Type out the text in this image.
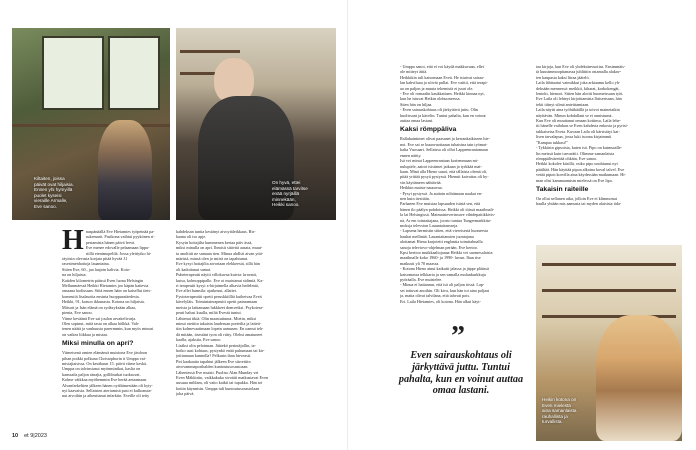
Kiltaiten, joissa
päivät ovat hiljaisia.
Ennen yhi hymyillä
puolet kyseisi
vieraille Armalle,
Eve sanoo.
On hyvä, ettei
elämässä tarvitse
enää nyrjäillä
minnekään,
Heikki sanoo.
H naspänäällä Eve Hietamies työpeinää pa-
sukemarit. Pasikona vaihtui pyykönen ri-
pestamista hänen päivä lervä.
Eve menee edovalle pelaamaan lippu-
riillä etenimopelilä. Jossa yleittyiko hi-
räyitsin olevasta korjata pitää hyvää J.l
rasesimenhoitoja lauantaina.
Siiten Eve, 60., jaa laajoin kalivia. Koto-
na on hiljaista.
Kaiiden kilometrin päässä Even luona Helsingin
Mellunmäessä Heikki Hietamies joo käpän kaitevia
omaana kodissaan. Siitä ennen häin on kaisellut tiets-
komeutiä lisalasoita ensinta huoppuratäedesta.
Heikki, 91, katsoo ikkunasta. Kotona on hiljaista.
Mitsuri ja Isän elämä on sydäxyksään alkaa,
pienta, Eve sanoo.
Viime keväänä Eve sai joulon arvattelivarja.
Olen sopinut, mitä tasta on alkaa hölkkä. Vah-
tenen näätä ja vanhuusta parermmin, kun myös minusi
on vaikea liikkua ja mistaa.
Miksi minulla on aprí?
Viimeisenä omien elämänsä muistona Eve jäsdoon
pihan poikki polkuna Christophorin ti Umppa vai-
mistajiaisissa. On kesäkuun 15. päivä viime keskä.
Umppa on talvinsiasut myönminikat, kaslia on
kanssatla paljon ränajia, grilliburkat tuoksuvat.
Kolme vätkkaa myöhemmin Eve herää aetaamaan.
Alvanfarkeltien jälkeen hänen oyäliämestään oli kyty-
nyt kaavaisia. Sellaisten ateriamisä pusi ei kulkonuta-
nut aivoihin ja aiheuttanut infarktin. Eveille oli teity
kahdeksan tuntia kestänyt aivoyiäleikkaus. Ris-
kaana oli iso apje.
Kysyin hoitajilta kummenen kertaa päiv ässä,
miksi minulla on aprí. Ihmisit sitävitä aasata, muut-
ta anoliitti ne samaan tien. Minua ahdlsti aivan yttä-
märistä, miusä olen jo miisä on tapahtunut.
Eve kysyi hoitajilta aivoriaan elekkeestä, sillä hän
oli kadottanut samat.
Puheterapeutti näytti villokuvaa kuivia: kravatti,
kutsa, kolmoppipallo. Eve oi muistanut sidimiä. Ka-
ri terapeutti kysyi x-kirjaimella alkavia hedelmiä,
Eve allei hamsila: ajatkeuut, allattei.
Fysioterapeutiti opetti peruskkiilliä kuihetvaa Eveä
kävelyläis. Toimintaterapeutti opetti painramaan
meista ja laittamaan lukkkeet domveiksi. Psykotera-
peuti halusi kuulla, miltä Evestä tuntui.
Lähtenut itkiä. Olin maastuttunut. Mietin, miksi
minut otettiin takaisin lauderuan porteilta ja laiteti-
tiin kolmevaatimaan lopetn aamusen. En oamut teh-
dä mitään, itsestäni tyon oli riitty. Olehst amatuneet
kaalla, ajaksiia, Eve sanoo.
Lisäksi olin peloinnan. Jäätekö perintäjollin, ta-
hoiko uusi kohtaus, pystynkö enää puhumaan tai kir-
joittamaan kunnolla? Pelkasin ihan hirveasti.
Piri kaakaatia tapahtui jälkeen Eve siirrettiin
aivovammaporihalden kuntoutusosastoaan.
Lähentessä Eve muisti. Puoliso Alan Munday vei
Even Mäkkiriin, vaikkakuka sivotäii matkustavat Even
uusuua mihlam, oli vaito kaikti tai tupakka. Hän toi
kotiin käynnisin. Umppa tuli kuntoutusosastolaan
joka päivä.
10 et 9|2023
- Umppa sanoi, että ei voi käydä makkuvaan, ellei
ole mitteyt äitiä.
Heikkikin tuli katsomaan Eveä. He istuivat sairaa-
lan kahviluua ja söivät pullat. Eve vaiitii, että terapi-
aa on paljon ja muuta tekemistä ei juuri ole.
- Eve oli romaalin kaukkattaen. Heikki kinnaa nyt,
kun he istuvat Heikin olohuoneessa.
Siten hän on hiljaa.
- Even sairaaskohtaus oli järkyttävä juttu. Olin
huolissani ja kävelin. Tuntui pahalta, kun en voinut
auttaa omaa lastani.
Kaksi römppäliva
Rallabaintimet olivat paasanet ja kerrankaikiseen hie-
not. Eve sai se kuunvuottaaan tuhaisina tain työmat-
kalta Vuosaari. Sellaissa oli ollut Lappeenrantamaan
ennen näitty.
Isä vei minut Lappeenrantaan koriemmaan mi-
nulupiele, aatrot isistimet jaikaan ja tyrkkää mat-
kaan. Minä alla Hieno sanoi, että tällaista olemä oli,
pitää yrittää pysyä pystyssä. Hienuit kaivattas oli hy-
vin käyttäneen nähtävää.
Heikkin maiste nauravaa.
- Pysyi pystyssä. Ja auttoin nöhtimaan naakat en-
nen kuin tiesitäin.
Parhaeen Eve muistaa lapsuuden isästä sen, että
hänen ilo päälyn pohdoissa. Heikki oli töissä maailmali-
la lai Helsingissä. Matmaisteverinsuve vihtdepaitikkivis-
nä, Ar em tointaitajana, joosto tuntua Tungermarkkita-
moksja televsion Lauantaitansseja.
- Lapsena hermistin sitten, että viereisestä huoneesta
hauhat mellinää. Lauantaitansien juontajana
aloitamat Hiena karjotetti englantia toimitalmalla
sanoja televiovo-ohjelman perään. Eve kertoo.
Kpsi kerttoo muikkaaltojaana Heikki vei suomesalaisia
maailmalle koko 1960- ja 1990- luvun. Ihan itse
matkusti yli 70 maassa.
- Kotona Hieno ainut kaikuitt jalassa ja jäppe pläässä
katsomassa telkkaria ja sen samalla molankurkkuja
pyöräalla. Eve muistelee.
- Minua ei haitannut, että isä oli paljon tössä. Lap-
set tottuvat anoihin. Oli kiva, kun hän toi aina paljaat
ja, matta olivat talvilana, että tahvati pois.
Eri. Laila Hietamies, oli kotona. Hän alkui käyt-
taa kirjoja, kun Eve oli yhdeksänvuotias. Ensimmäis-
tä kuusimmoopitanassa juhlittiin ostamalla alakav-
ien kaupasta kaksi litraa jäätelö.
Laila lähttaatui vaimikkui joka arkiaamu kello yh-
deksään mennessä: meikkii, kiharat, korkokengät,
lentoki, hienoot. Sitten hän aloitti huomeissaan työt.
Eve Laila oli lehteyi kirjoittamista lhtisertsaan, hän
tekii tiitnyt silmä anteittamiaan.
Laila näytti aina työhiikäällä ja toivoi mainetaikin
näyttävän. Minun kobdallani se ei onnistunut.
Kun Eve oli muuttanut omaan kotiinsa, Laila lehe-
tti hänelle vaihdaas se Even kahdesta enkosta ja pyrisi-
takkaiseisa Eveta. Kuvaan Laila oli kärsistäyt kai-
lisen tarvalapun, jossa luki isoona kirjaimmii
"Kampaa tukkasi!"
- Tykkäsin gipsoista, kuten isä. Pipo on kutmutalle-
lin meissä kuin turvaräiti. Olimme samanlaisia
römppäliväreitää ohkäin, Eve sanoo.
Heikki kokolee käsillä, osiko pipo unohtunut nyt
pääiltää. Hän käyttää pipoa alkoina koval talvel. Eve
vetää pipon korvilla aina käydessään matkumaan. Hi-
man olisi kammaamisin mielessä on Eve lipo.
Takaisin raiteille
On ollut seflanen aika, jolloin Eve ei klimmonut
haulla yhtään mis aamusta tai myden alaisista iida-
Heikin kotona on
Even mielestä
aina samanlaista
rauhallista ja
turvallista.
”
Even sairauskohtaus oli järkyttävä juttu. Tuntui pahalta, kun en voinut auttaa omaa lastani.
